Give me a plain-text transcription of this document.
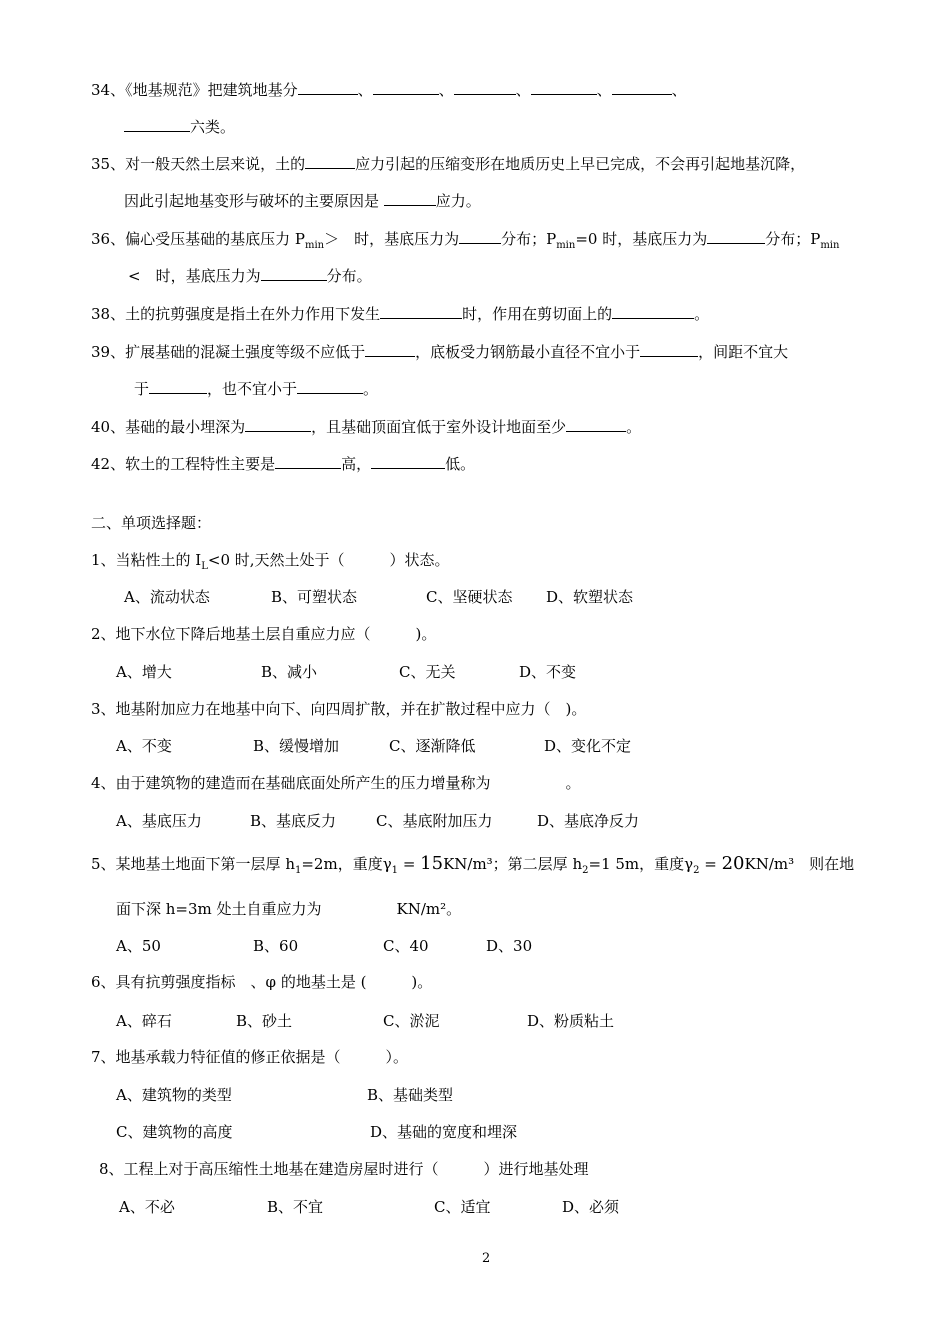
34、《地基规范》把建筑地基分	、	、	、	、	、
六类。
35、对一般天然土层来说，土的	应力引起的压缩变形在地质历史上早已完成，不会再引起地基沉降，
因此引起地基变形与破坏的主要原因是	应力。
36、偏心受压基础的基底压力 $P_{min}>$　时，基底压力为	分布；$P_{min}=0$ 时，基底压力为	分布；$P_{min}$
<　时，基底压力为	分布。
38、土的抗剪强度是指土在外力作用下发生	时，作用在剪切面上的	。
39、扩展基础的混凝土强度等级不应低于	，底板受力钢筋最小直径不宜小于	，间距不宜大
于	，也不宜小于	。
40、基础的最小埋深为	，且基础顶面宜低于室外设计地面至少	。
42、软土的工程特性主要是	高，	低。
二、单项选择题：
1、当粘性土的 $I_L<0$ 时,天然土处于（　　　）状态。
A、流动状态	B、可塑状态	C、坚硬状态 D、软塑状态
2、地下水位下降后地基土层自重应力应（　　　)。
A、增大	B、减小	C、无关	D、不变
3、地基附加应力在地基中向下、向四周扩散，并在扩散过程中应力（　)。
A、不变	B、缓慢增加	C、逐渐降低	D、变化不定
4、由于建筑物的建造而在基础底面处所产生的压力增量称为　　　　　。
A、基底压力	B、基底反力	C、基底附加压力	D、基底净反力
5、某地基土地面下第一层厚 $h_1=2m$，重度$\gamma_1 = 15KN/m^3$；第二层厚 $h_2=1$ 5m，重度$\gamma_2 = 20KN/m^3$　则在地
面下深 h=3m 处土自重应力为　　　　　KN/m²。
A、50	B、60	C、40	D、30
6、具有抗剪强度指标　、φ 的地基土是 (　　　)。
A、碎石	B、砂土	C、淤泥	D、粉质粘土
7、地基承载力特征值的修正依据是（　　　）。
A、建筑物的类型	B、基础类型
C、建筑物的高度	D、基础的宽度和埋深
8、工程上对于高压缩性土地基在建造房屋时进行（　　　）进行地基处理
A、不必	B、不宜	C、适宜	D、必须
2
